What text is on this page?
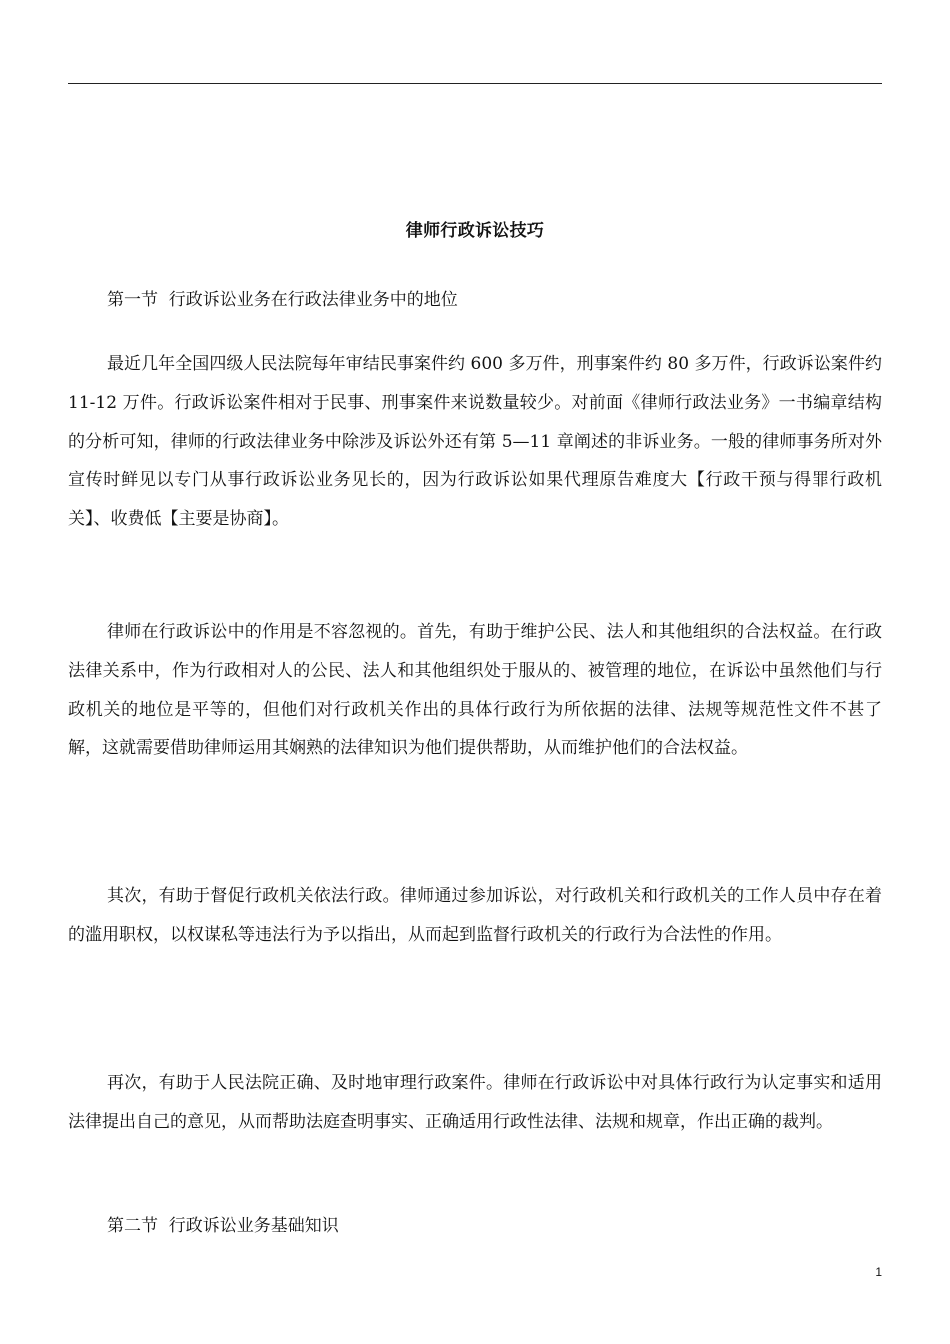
律师行政诉讼技巧
第一节  行政诉讼业务在行政法律业务中的地位

最近几年全国四级人民法院每年审结民事案件约 600 多万件，刑事案件约 80 多万件，行政诉讼案件约 11-12 万件。行政诉讼案件相对于民事、刑事案件来说数量较少。对前面《律师行政法业务》一书编章结构的分析可知，律师的行政法律业务中除涉及诉讼外还有第 5—11 章阐述的非诉业务。一般的律师事务所对外宣传时鲜见以专门从事行政诉讼业务见长的，因为行政诉讼如果代理原告难度大【行政干预与得罪行政机关】、收费低【主要是协商】。

律师在行政诉讼中的作用是不容忽视的。首先，有助于维护公民、法人和其他组织的合法权益。在行政法律关系中，作为行政相对人的公民、法人和其他组织处于服从的、被管理的地位，在诉讼中虽然他们与行政机关的地位是平等的，但他们对行政机关作出的具体行政行为所依据的法律、法规等规范性文件不甚了解，这就需要借助律师运用其娴熟的法律知识为他们提供帮助，从而维护他们的合法权益。

其次，有助于督促行政机关依法行政。律师通过参加诉讼，对行政机关和行政机关的工作人员中存在着的滥用职权，以权谋私等违法行为予以指出，从而起到监督行政机关的行政行为合法性的作用。

再次，有助于人民法院正确、及时地审理行政案件。律师在行政诉讼中对具体行政行为认定事实和适用法律提出自己的意见，从而帮助法庭查明事实、正确适用行政性法律、法规和规章，作出正确的裁判。

第二节  行政诉讼业务基础知识
1
